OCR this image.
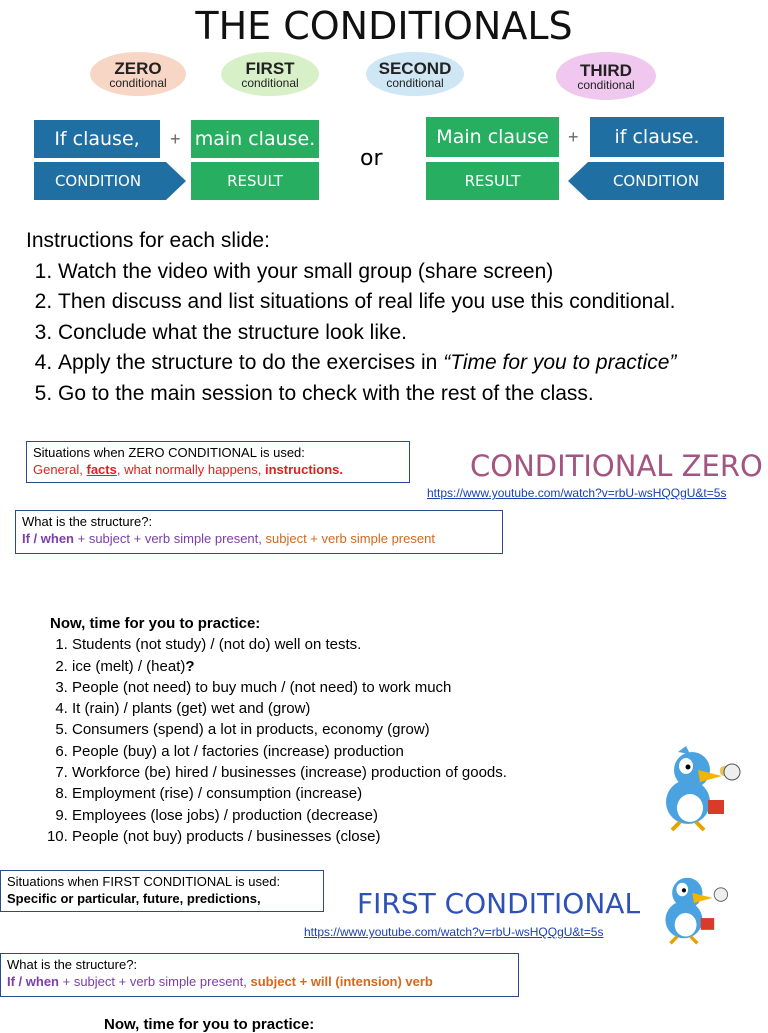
THE CONDITIONALS
ZERO
conditional
FIRST
conditional
SECOND
conditional
THIRD
conditional
If clause,	+ main clause.
CONDITION	RESULT
or
Main clause	+	if clause.
RESULT	CONDITION
Instructions for each slide:
1. Watch the video with your small group (share screen)
2. Then discuss and list situations of real life you use this conditional.
3. Conclude what the structure look like.
4. Apply the structure to do the exercises in “Time for you to practice”
5. Go to the main session to check with the rest of the class.
Situations when ZERO CONDITIONAL is used:
General, facts, what normally happens, instructions.	CONDITIONAL ZERO
https://www.youtube.com/watch?v=rbU-wsHQQgU&t=5s
What is the structure?:
If / when + subject + verb simple present, subject + verb simple present
Now, time for you to practice:
1. Students (not study) / (not do) well on tests.
2. ice (melt) / (heat)?
3. People (not need) to buy much / (not need) to work much
4. It (rain) / plants (get) wet and (grow)
5. Consumers (spend) a lot in products, economy (grow)
6. People (buy) a lot / factories (increase) production
7. Workforce (be) hired / businesses (increase) production of goods.
8. Employment (rise) / consumption (increase)
9. Employees (lose jobs) / production (decrease)
10. People (not buy) products / businesses (close)
Situations when FIRST CONDITIONAL is used:
Specific or particular, future, predictions,	FIRST CONDITIONAL
https://www.youtube.com/watch?v=rbU-wsHQQgU&t=5s
What is the structure?:
If / when + subject + verb simple present, subject + will (intension) verb
Now, time for you to practice:
